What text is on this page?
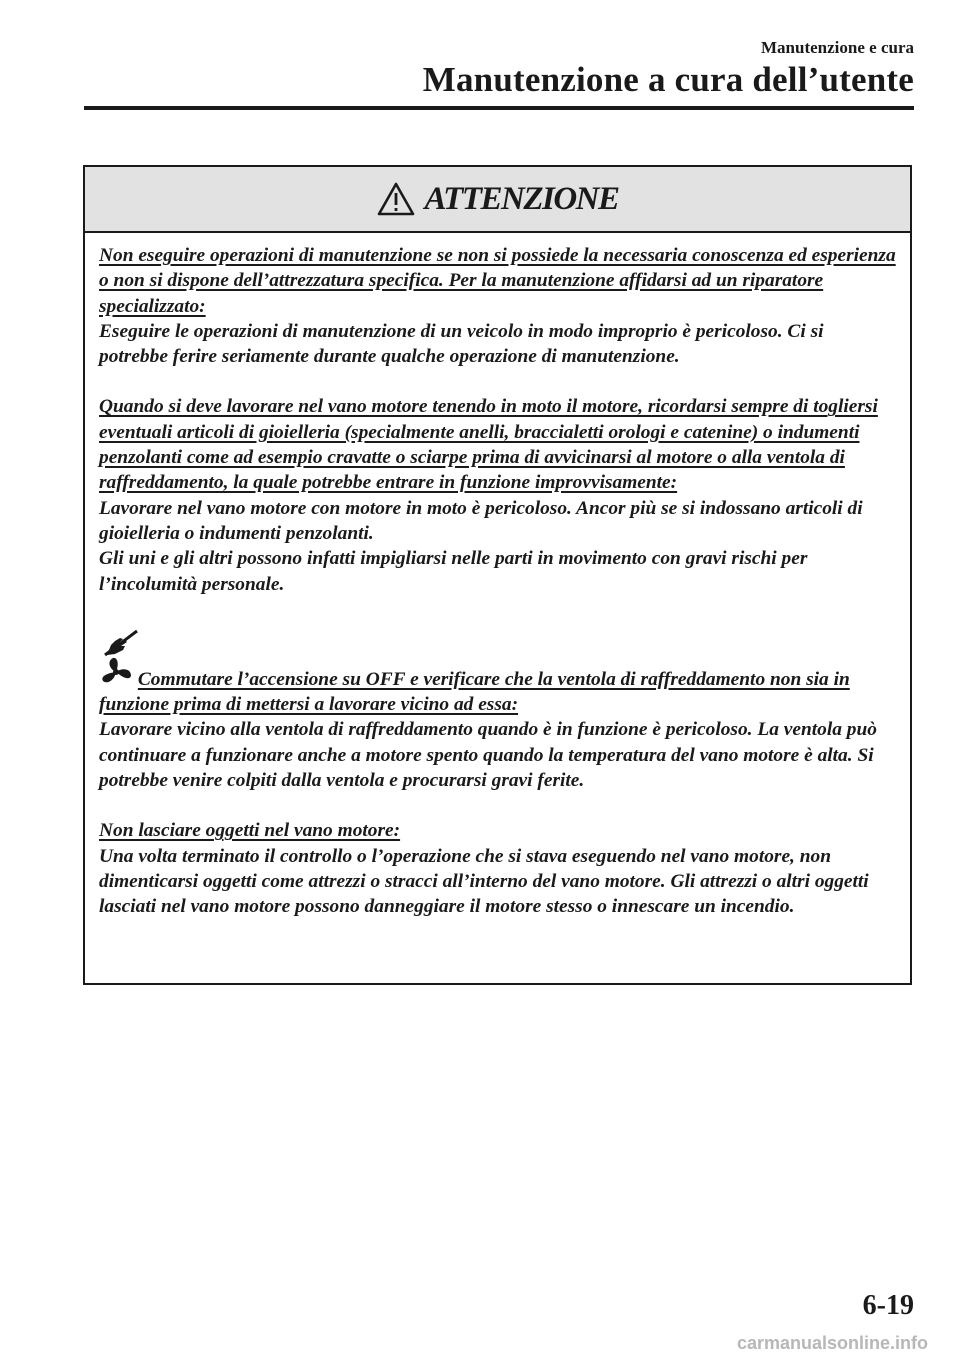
Manutenzione e cura
Manutenzione a cura dell’utente
ATTENZIONE

Non eseguire operazioni di manutenzione se non si possiede la necessaria conoscenza ed esperienza o non si dispone dell’attrezzatura specifica. Per la manutenzione affidarsi ad un riparatore specializzato:
Eseguire le operazioni di manutenzione di un veicolo in modo improprio è pericoloso. Ci si potrebbe ferire seriamente durante qualche operazione di manutenzione.

Quando si deve lavorare nel vano motore tenendo in moto il motore, ricordarsi sempre di togliersi eventuali articoli di gioielleria (specialmente anelli, braccialetti orologi e catenine) o indumenti penzolanti come ad esempio cravatte o sciarpe prima di avvicinarsi al motore o alla ventola di raffreddamento, la quale potrebbe entrare in funzione improvvisamente:
Lavorare nel vano motore con motore in moto è pericoloso. Ancor più se si indossano articoli di gioielleria o indumenti penzolanti.
Gli uni e gli altri possono infatti impigliarsi nelle parti in movimento con gravi rischi per l’incolumità personale.

Commutare l’accensione su OFF e verificare che la ventola di raffreddamento non sia in funzione prima di mettersi a lavorare vicino ad essa:
Lavorare vicino alla ventola di raffreddamento quando è in funzione è pericoloso. La ventola può continuare a funzionare anche a motore spento quando la temperatura del vano motore è alta. Si potrebbe venire colpiti dalla ventola e procurarsi gravi ferite.

Non lasciare oggetti nel vano motore:
Una volta terminato il controllo o l’operazione che si stava eseguendo nel vano motore, non dimenticarsi oggetti come attrezzi o stracci all’interno del vano motore. Gli attrezzi o altri oggetti lasciati nel vano motore possono danneggiare il motore stesso o innescare un incendio.

6-19
carmanualsonline.info
